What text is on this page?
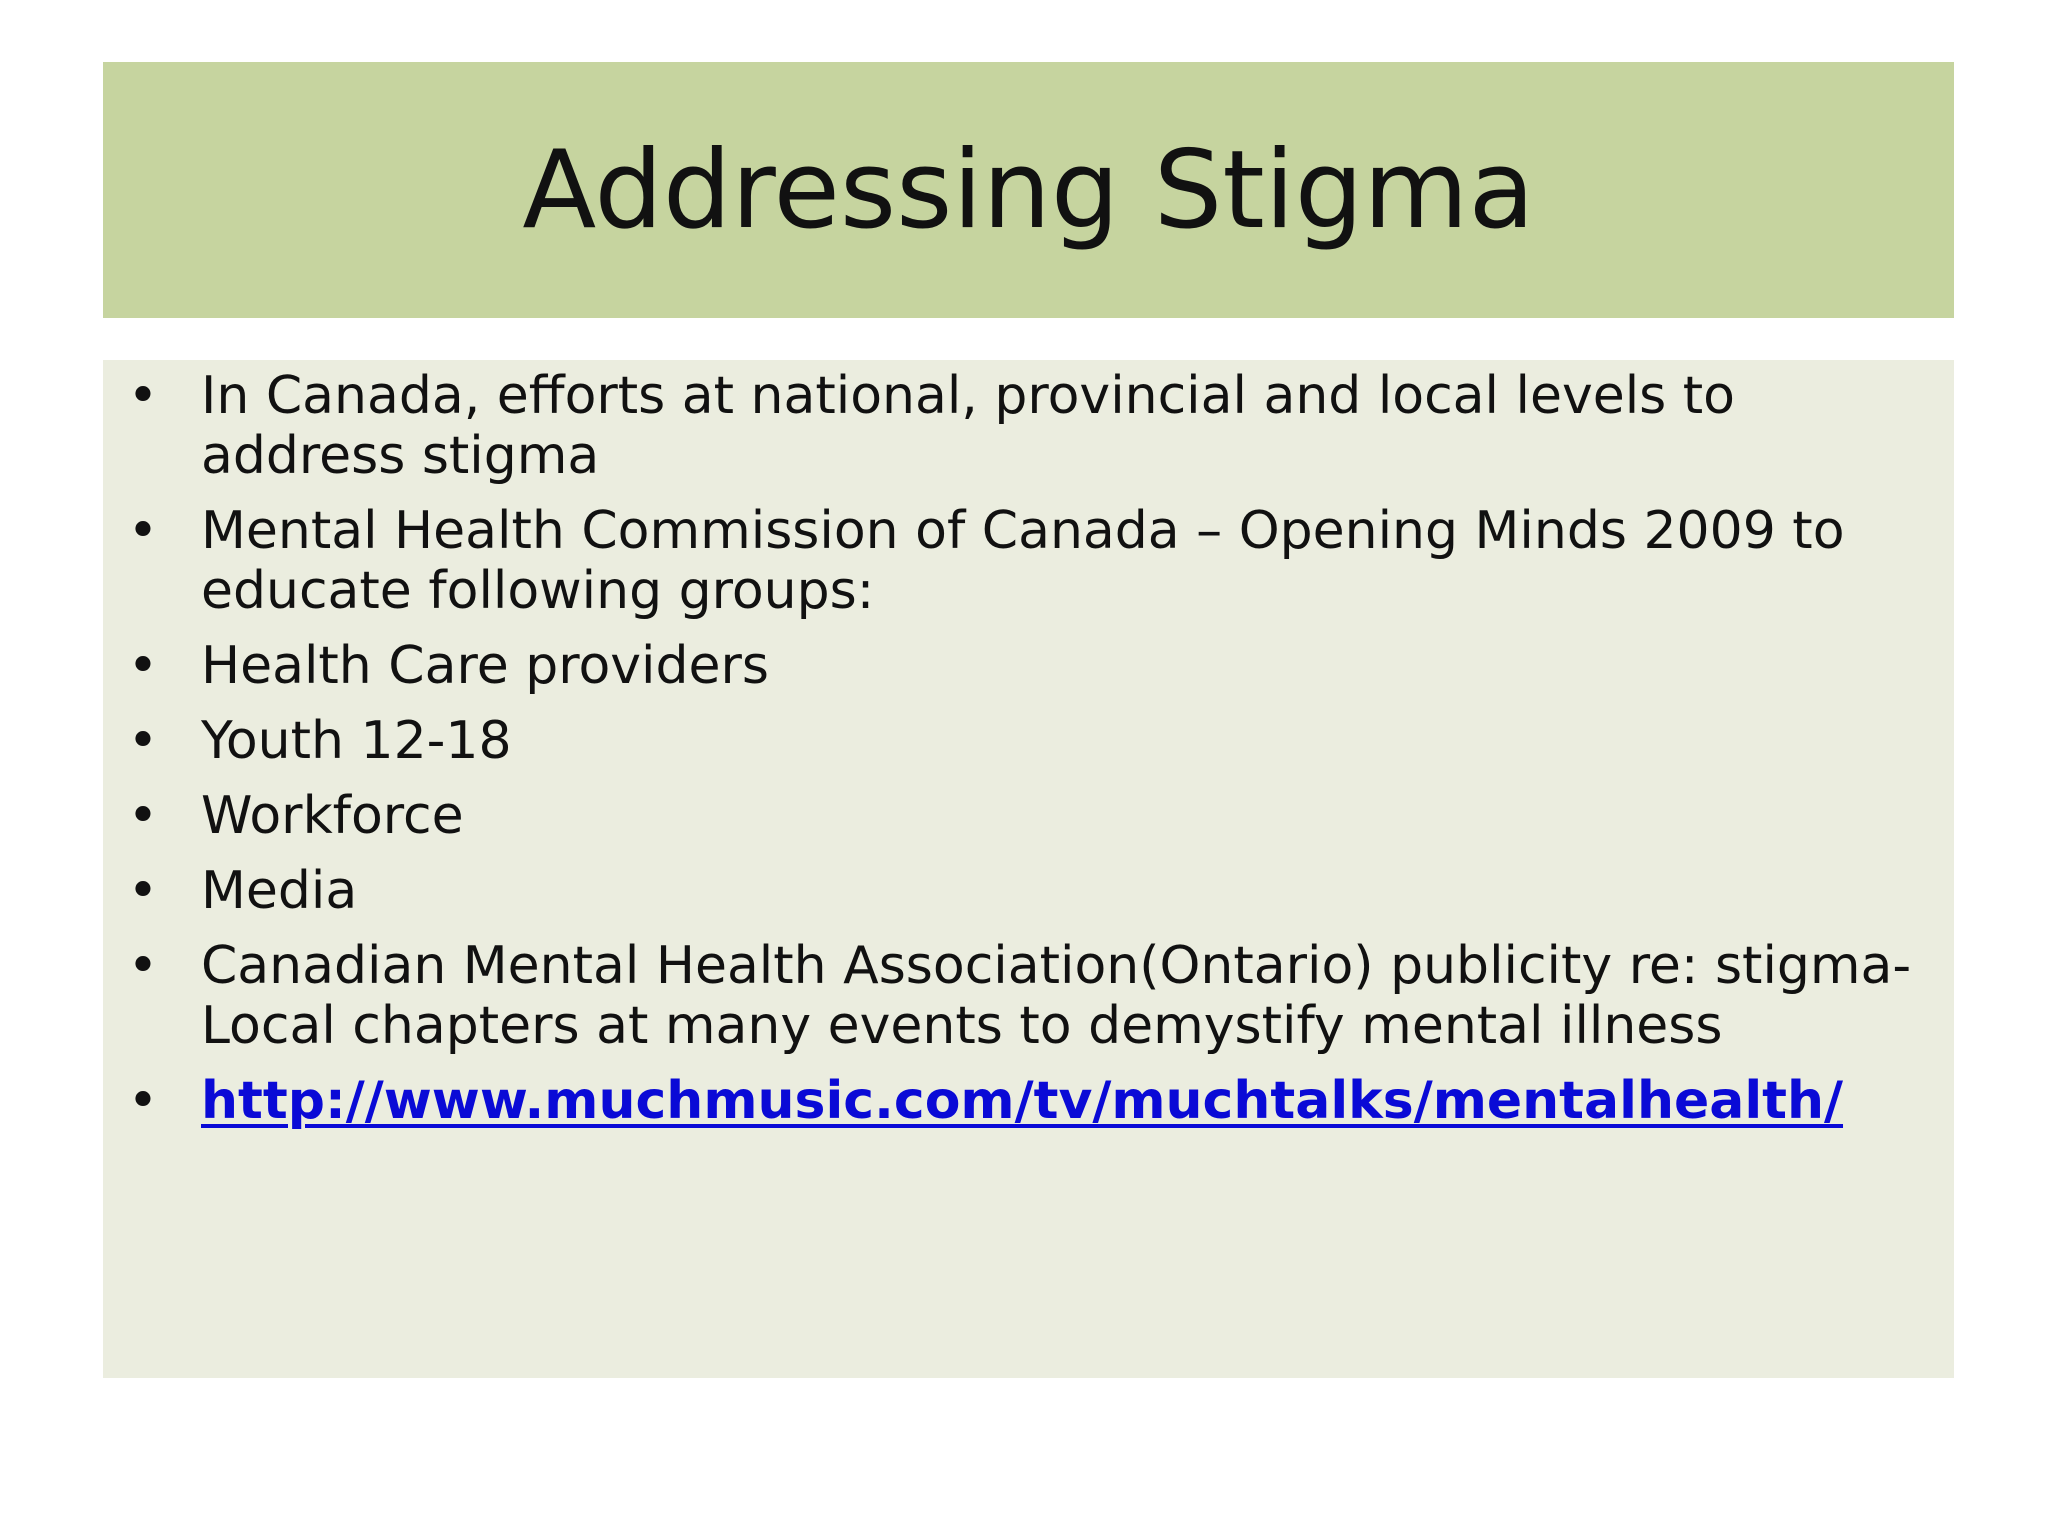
Addressing Stigma
• In Canada, efforts at national, provincial and local levels to address stigma
• Mental Health Commission of Canada – Opening Minds 2009 to educate following groups:
• Health Care providers
• Youth 12-18
• Workforce
• Media
• Canadian Mental Health Association(Ontario) publicity re: stigma- Local chapters at many events to demystify mental illness
• http://www.muchmusic.com/tv/muchtalks/mentalhealth/
